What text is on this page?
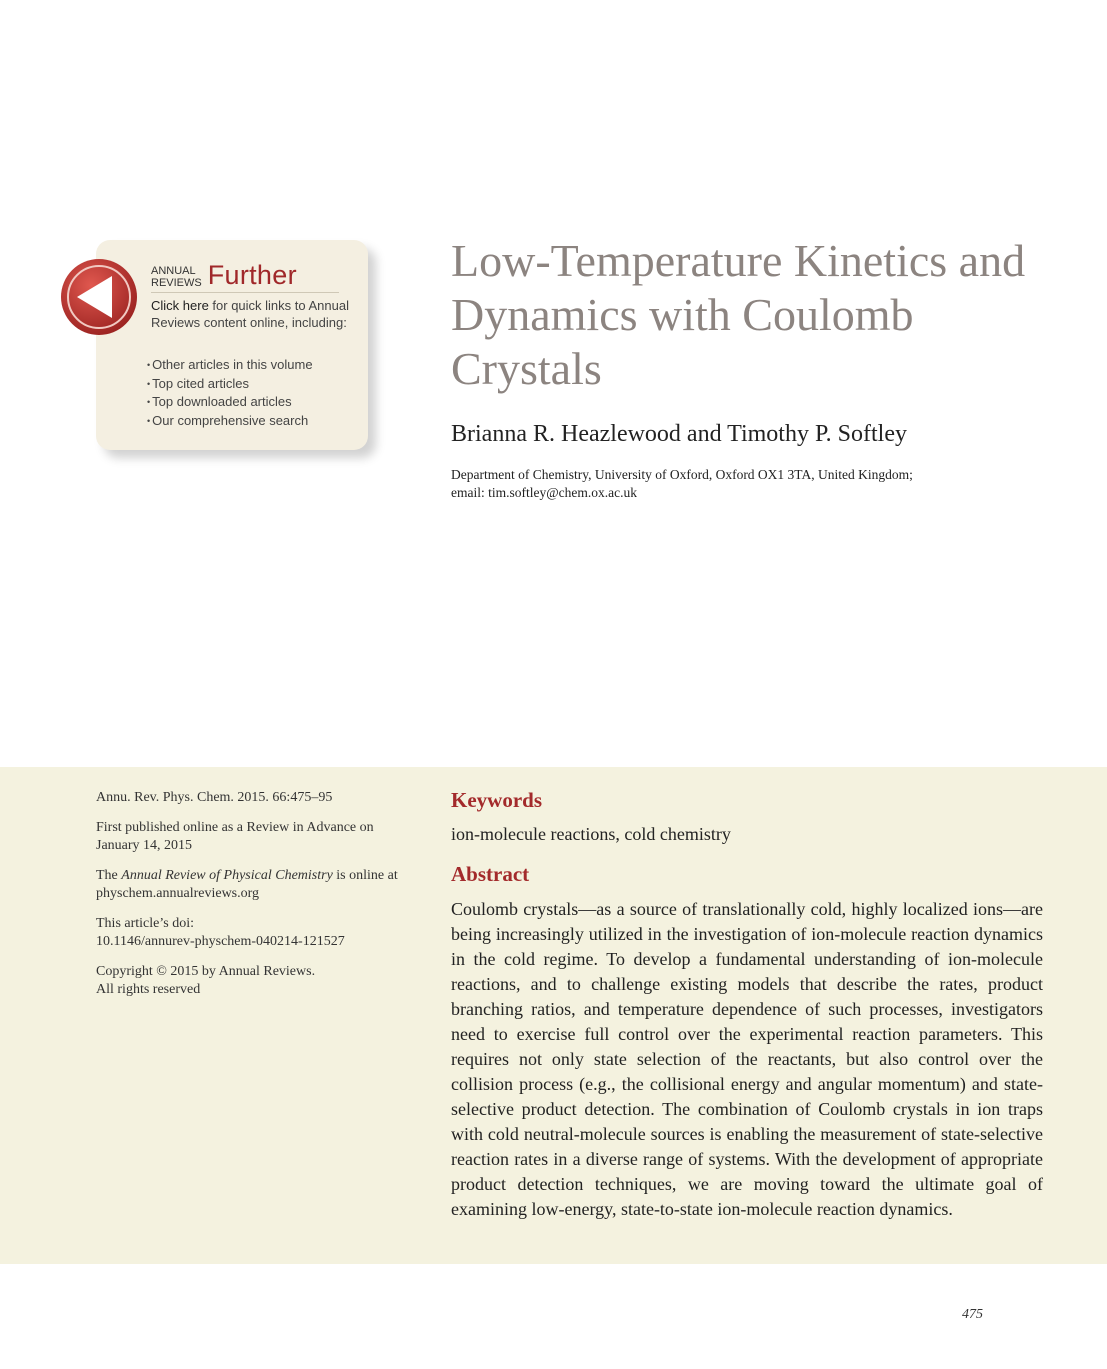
ANNUAL
REVIEWS Further
Click here for quick links to Annual Reviews content online, including:
• Other articles in this volume
• Top cited articles
• Top downloaded articles
• Our comprehensive search
Low-Temperature Kinetics and Dynamics with Coulomb Crystals
Brianna R. Heazlewood and Timothy P. Softley
Department of Chemistry, University of Oxford, Oxford OX1 3TA, United Kingdom;
email: tim.softley@chem.ox.ac.uk

Annu. Rev. Phys. Chem. 2015. 66:475–95

First published online as a Review in Advance on January 14, 2015

The Annual Review of Physical Chemistry is online at physchem.annualreviews.org

This article’s doi:
10.1146/annurev-physchem-040214-121527

Copyright © 2015 by Annual Reviews.
All rights reserved

Keywords
ion-molecule reactions, cold chemistry
Abstract

Coulomb crystals—as a source of translationally cold, highly localized ions—are being increasingly utilized in the investigation of ion-molecule reaction dynamics in the cold regime. To develop a fundamental understanding of ion-molecule reactions, and to challenge existing models that describe the rates, product branching ratios, and temperature dependence of such processes, investigators need to exercise full control over the experimental reaction parameters. This requires not only state selection of the reactants, but also control over the collision process (e.g., the collisional energy and angular momentum) and state-selective product detection. The combination of Coulomb crystals in ion traps with cold neutral-molecule sources is enabling the measurement of state-selective reaction rates in a diverse range of systems. With the development of appropriate product detection techniques, we are moving toward the ultimate goal of examining low-energy, state-to-state ion-molecule reaction dynamics.

475
